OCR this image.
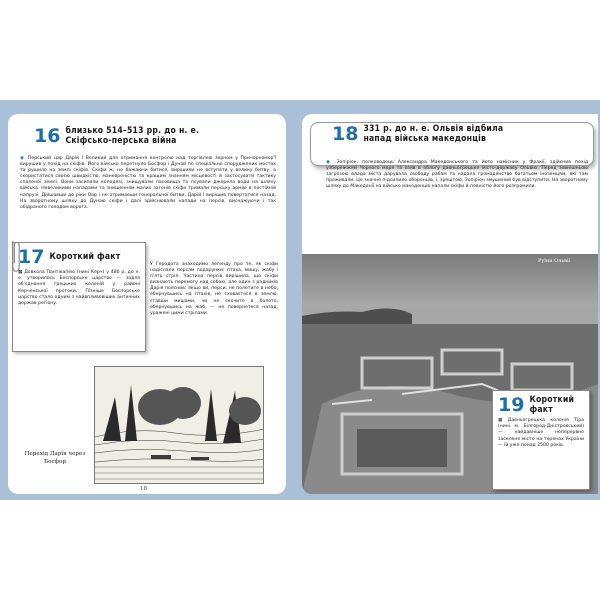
16 близько 514–513 рр. до н. е.
Скіфсько-перська війна
◉ Перський цар Дарій І Великий для отримання контролю над торгівлею зерном у Причорномор'ї вирушив у похід на скіфів. Його військо перетнуло Босфор і Дунай по спеціально споруджених мостах та рушило на землі скіфів. Скіфи ж, не бажаючи битися, вирішили не вступати у велику битву, а скористатися своєю швидкістю, маневреністю та кращим знанням місцевості й застосувати тактику спаленої землі. Вони засипали колодязі, знищували пасовища та псували джерела води на шляху війська. Невеликими нападами та знищенням малих загонів скіфи тримали перську армію в постійній напрузі. Дійшовши до ріки Оар і не отримавши генеральної битви, Дарій І вирішив повертатися назад. На зворотному шляху до Дунаю скіфи і далі здійснювали напади на персів, виснажуючи і так обідраного голодом ворога.
17 Короткий факт
▦ Довкола Пантікапею (нині Керч) у 480 р. до н. е. утворилось Боспорське царство — задля об'єднання грецьких колоній у районі Керченської протоки. Пізніше Боспорське царство стало одним з найвпливовіших античних держав регіону.
У Геродота знаходимо легенду про те, як скіфи надіслали персам подарунки: птаха, мишу, жабу і п'ять стріл. Частина персів вирішила, що скіфи визнають перемогу над собою, але один з радників Дарія пояснив: якщо ви, перси, не полетите в небо, обернувшись на птахів, не сховаєтеся в землю, ставши мишами, чи не скочите в болото, обернувшись на жаб, — не повернетеся назад, уражені цими стрілами.
Перехід Дарія через Босфор
18
18 331 р. до н. е. Ольвія відбила
напад війська македонців
◉ Зопіріон, полководець Александра Македонського та його намісник у Фракії, здійснив похід узбережжям Чорного моря та взяв в облогу давньогрецьке місто-державу Ольвію. Перед зовнішньою загрозою влада міста дарувала свободу рабам та надала громадянство багатьом іноземцям, які там проживали. Це значно підсилило оборонців, і, зрештою, Зопіріон змушений був відступити. На зворотному шляху до Македонії на військо македонців напали скіфи й повністю його розгромили.
Руїни Ольвії
19 Короткий факт
▦ Давньогрецька колонія Тіра (нині м. Білгород-Дністровський) — найдавніше неперервно заселене місто на теренах України — їй уже понад 2500 років.
